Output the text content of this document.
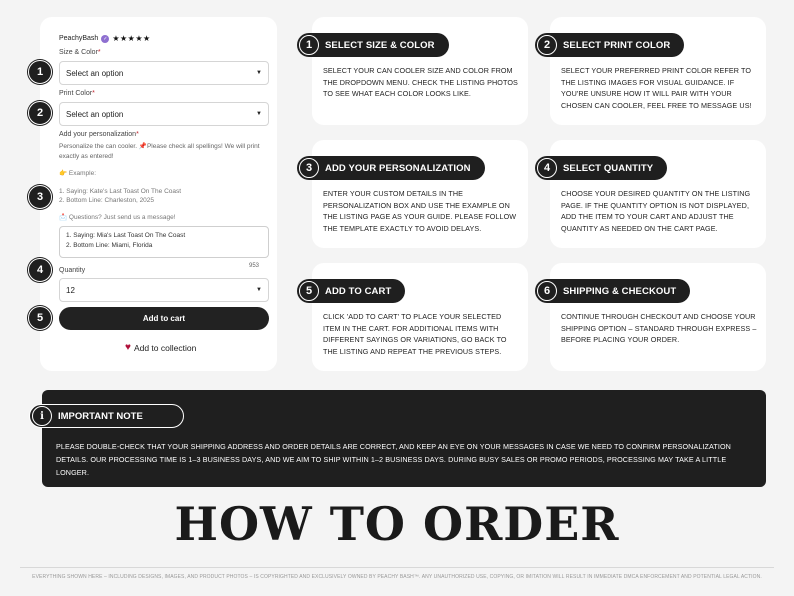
PeachyBash ✓ ★★★★★
Size & Color*
Select an option	▼
Print Color*
Select an option	▼
Add your personalization*
Personalize the can cooler. 📌Please check all spellings! We will print exactly as entered!
👉 Example:
1. Saying: Kate's Last Toast On The Coast
2. Bottom Line: Charleston, 2025
📩 Questions? Just send us a message!
1. Saying: Mia's Last Toast On The Coast
2. Bottom Line: Miami, Florida
953
Quantity
12	▼
Add to cart
♥ Add to collection
1
2
3
4
5
1	SELECT SIZE & COLOR
SELECT YOUR CAN COOLER SIZE AND COLOR FROM THE DROPDOWN MENU. CHECK THE LISTING PHOTOS TO SEE WHAT EACH COLOR LOOKS LIKE.
2	SELECT PRINT COLOR
SELECT YOUR PREFERRED PRINT COLOR REFER TO THE LISTING IMAGES FOR VISUAL GUIDANCE. IF YOU'RE UNSURE HOW IT WILL PAIR WITH YOUR CHOSEN CAN COOLER, FEEL FREE TO MESSAGE US!
3	ADD YOUR PERSONALIZATION
ENTER YOUR CUSTOM DETAILS IN THE PERSONALIZATION BOX AND USE THE EXAMPLE ON THE LISTING PAGE AS YOUR GUIDE. PLEASE FOLLOW THE TEMPLATE EXACTLY TO AVOID DELAYS.
4	SELECT QUANTITY
CHOOSE YOUR DESIRED QUANTITY ON THE LISTING PAGE. IF THE QUANTITY OPTION IS NOT DISPLAYED, ADD THE ITEM TO YOUR CART AND ADJUST THE QUANTITY AS NEEDED ON THE CART PAGE.
5	ADD TO CART
CLICK 'ADD TO CART' TO PLACE YOUR SELECTED ITEM IN THE CART. FOR ADDITIONAL ITEMS WITH DIFFERENT SAYINGS OR VARIATIONS, GO BACK TO THE LISTING AND REPEAT THE PREVIOUS STEPS.
6	SHIPPING & CHECKOUT
CONTINUE THROUGH CHECKOUT AND CHOOSE YOUR SHIPPING OPTION – STANDARD THROUGH EXPRESS – BEFORE PLACING YOUR ORDER.
i	IMPORTANT NOTE
PLEASE DOUBLE-CHECK THAT YOUR SHIPPING ADDRESS AND ORDER DETAILS ARE CORRECT, AND KEEP AN EYE ON YOUR MESSAGES IN CASE WE NEED TO CONFIRM PERSONALIZATION DETAILS. OUR PROCESSING TIME IS 1–3 BUSINESS DAYS, AND WE AIM TO SHIP WITHIN 1–2 BUSINESS DAYS. DURING BUSY SALES OR PROMO PERIODS, PROCESSING MAY TAKE A LITTLE LONGER.
HOW TO ORDER
EVERYTHING SHOWN HERE – INCLUDING DESIGNS, IMAGES, AND PRODUCT PHOTOS – IS COPYRIGHTED AND EXCLUSIVELY OWNED BY PEACHY BASH™. ANY UNAUTHORIZED USE, COPYING, OR IMITATION WILL RESULT IN IMMEDIATE DMCA ENFORCEMENT AND POTENTIAL LEGAL ACTION.
